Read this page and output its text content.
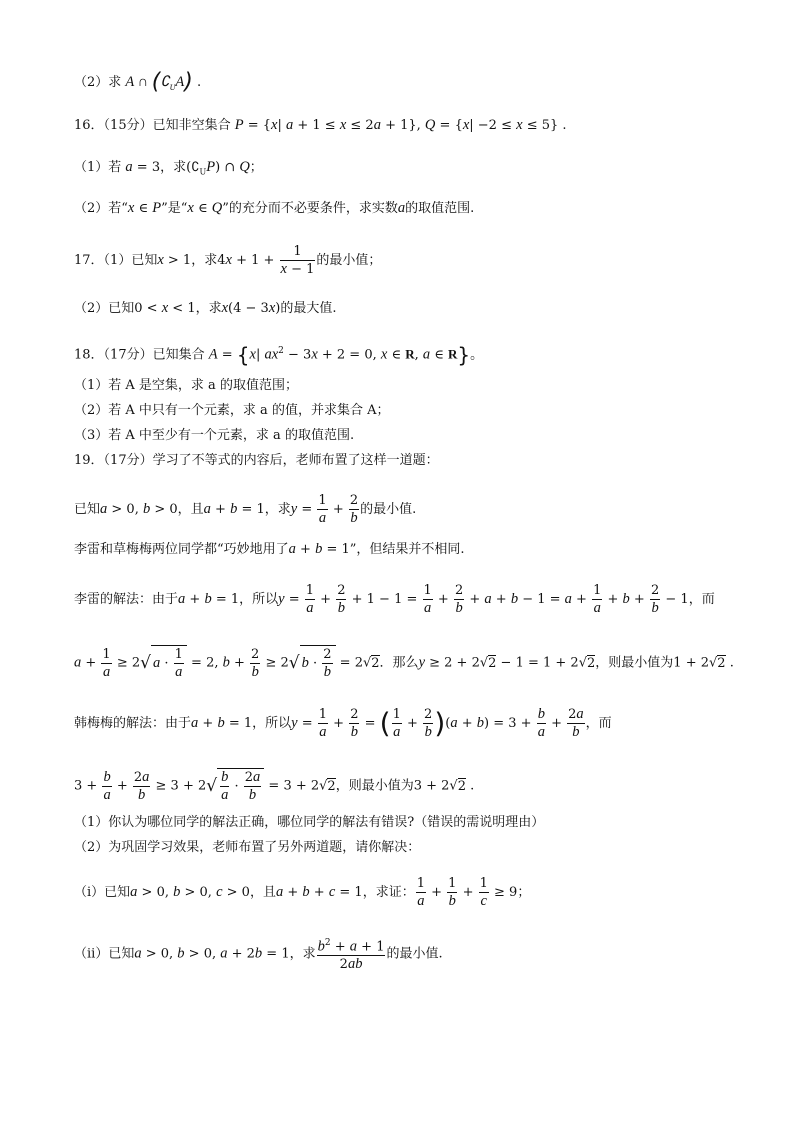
（2）求 A ∩ $(∁_UA)$ .
16．（15分）已知非空集合 P = {x| a + 1 ≤ x ≤ 2a + 1}, Q = {x| −2 ≤ x ≤ 5} .
（1）若 a = 3，求$(∁_UP)$ ∩ Q；
（2）若“x ∈ P”是“x ∈ Q”的充分而不必要条件，求实数a的取值范围.
17．（1）已知x > 1，求$4x + 1 + \frac{1}{x - 1}$ 的最小值；
（2）已知0 < x < 1，求x(4 − 3x)的最大值.
18．（17分）已知集合 A = {x| $ax^2 - 3x + 2 = 0$, x ∈ R, a ∈ R}。
（1）若 A 是空集，求 a 的取值范围；
（2）若 A 中只有一个元素，求 a 的值，并求集合 A；
（3）若 A 中至少有一个元素，求 a 的取值范围.
19．（17分）学习了不等式的内容后，老师布置了这样一道题：
已知a > 0, b > 0，且a + b = 1，求$y = \frac{1}{a} + \frac{2}{b}$ 的最小值.
李雷和草梅梅两位同学都“巧妙地用了a + b = 1”，但结果并不相同.
李雷的解法：由于a + b = 1，所以$y = \frac{1}{a} + \frac{2}{b} + 1 - 1 = \frac{1}{a} + \frac{2}{b} + a + b - 1 = a + \frac{1}{a} + b + \frac{2}{b} - 1$，而
$a + \frac{1}{a} \ge 2√$ $a \cdot \frac{1}{a} = 2$, $b + \frac{2}{b} \ge 2√$ $b \cdot \frac{2}{b} = 2√2$．那么y ≥ 2 + 2√2 − 1 = 1 + 2√2，则最小值为1 + 2√2 .
韩梅梅的解法：由于a + b = 1，所以$y = \frac{1}{a} + \frac{2}{b}$ = ( $\frac{1}{a} + \frac{2}{b} )(a + b) = 3 + \frac{b}{a} + \frac{2a}{b}$ ，而
$3 + \frac{b}{a} + \frac{2a}{b} \ge 3 + 2√ \frac{b}{a} \cdot \frac{2a}{b} = 3 + 2√2$，则最小值为3 + 2√2 .
（1）你认为哪位同学的解法正确，哪位同学的解法有错误?（错误的需说明理由）
（2）为巩固学习效果，老师布置了另外两道题，请你解决：
（i）已知a > 0, b > 0, c > 0，且a + b + c = 1，求证： $\frac{1}{a} + \frac{1}{b} + \frac{1}{c} \ge 9$；
（ii）已知a > 0, b > 0, a + 2b = 1，求 $\frac{b^2 + a + 1}{2ab}$ 的最小值.
